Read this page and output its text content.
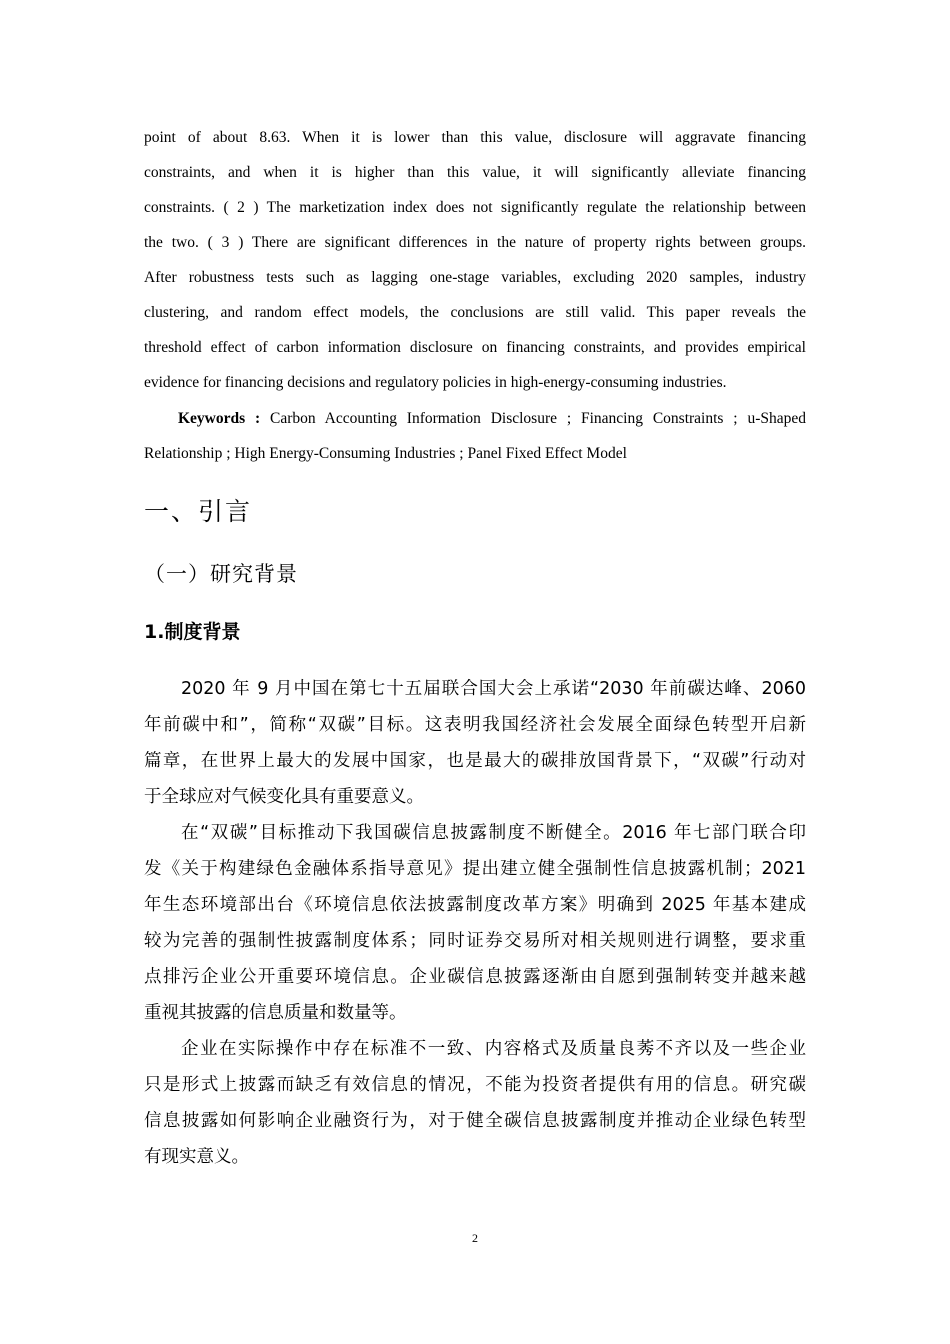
point of about 8.63. When it is lower than this value, disclosure will aggravate financing
constraints, and when it is higher than this value, it will significantly alleviate financing
constraints. ( 2 ) The marketization index does not significantly regulate the relationship between
the two. ( 3 ) There are significant differences in the nature of property rights between groups.
After robustness tests such as lagging one-stage variables, excluding 2020 samples, industry
clustering, and random effect models, the conclusions are still valid. This paper reveals the
threshold effect of carbon information disclosure on financing constraints, and provides empirical
evidence for financing decisions and regulatory policies in high-energy-consuming industries.
Keywords : Carbon Accounting Information Disclosure ; Financing Constraints ; u-Shaped
Relationship ; High Energy-Consuming Industries ; Panel Fixed Effect Model
一、引言
（一）研究背景
1.制度背景
2020 年 9 月中国在第七十五届联合国大会上承诺“2030 年前碳达峰、2060
年前碳中和”，简称“双碳”目标。这表明我国经济社会发展全面绿色转型开启新
篇章，在世界上最大的发展中国家，也是最大的碳排放国背景下，“双碳”行动对
于全球应对气候变化具有重要意义。
在“双碳”目标推动下我国碳信息披露制度不断健全。2016 年七部门联合印
发《关于构建绿色金融体系指导意见》提出建立健全强制性信息披露机制；2021
年生态环境部出台《环境信息依法披露制度改革方案》明确到 2025 年基本建成
较为完善的强制性披露制度体系；同时证券交易所对相关规则进行调整，要求重
点排污企业公开重要环境信息。企业碳信息披露逐渐由自愿到强制转变并越来越
重视其披露的信息质量和数量等。
企业在实际操作中存在标准不一致、内容格式及质量良莠不齐以及一些企业
只是形式上披露而缺乏有效信息的情况，不能为投资者提供有用的信息。研究碳
信息披露如何影响企业融资行为，对于健全碳信息披露制度并推动企业绿色转型
有现实意义。
2
